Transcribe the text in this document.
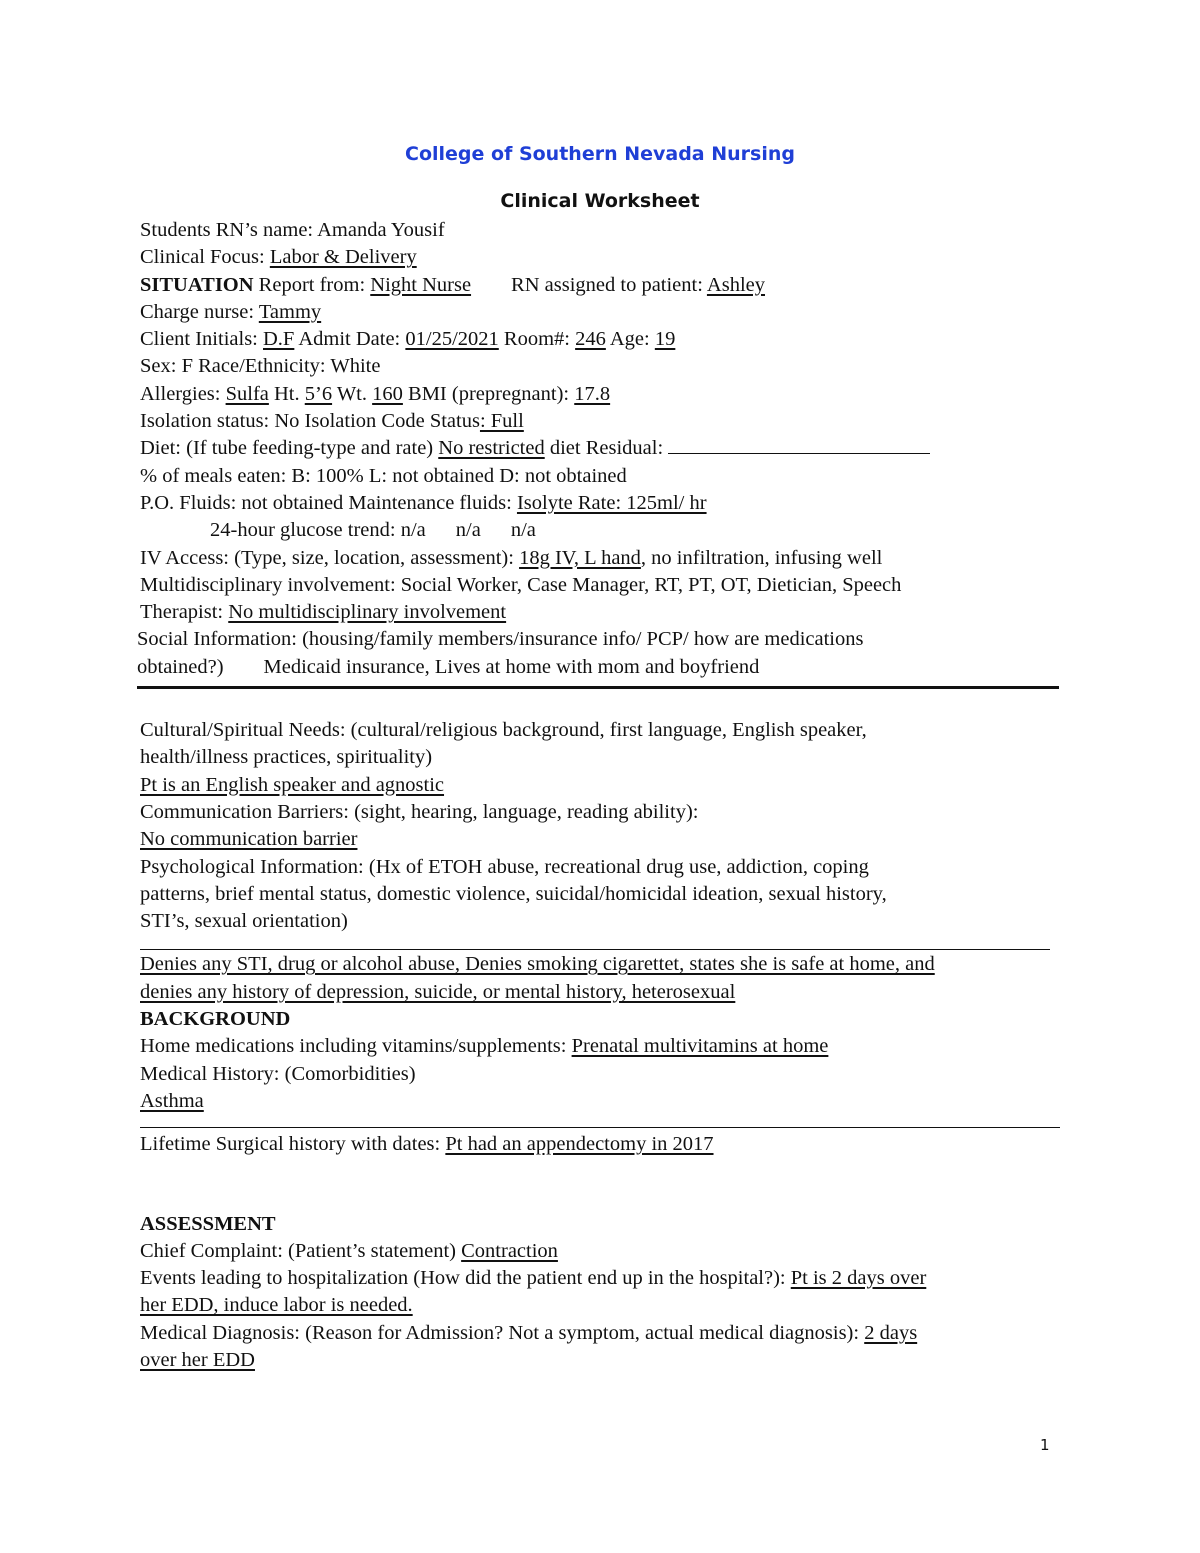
College of Southern Nevada Nursing
Clinical Worksheet
Students RN’s name: Amanda Yousif
Clinical Focus: Labor & Delivery
SITUATION Report from: Night Nurse RN assigned to patient: Ashley
Charge nurse: Tammy
Client Initials: D.F Admit Date: 01/25/2021 Room#: 246 Age: 19
Sex: F Race/Ethnicity: White
Allergies: Sulfa Ht. 5’6 Wt. 160 BMI (prepregnant): 17.8
Isolation status: No Isolation Code Status: Full
Diet: (If tube feeding-type and rate) No restricted diet Residual:
% of meals eaten: B: 100% L: not obtained D: not obtained
P.O. Fluids: not obtained Maintenance fluids: Isolyte Rate: 125ml/ hr
24-hour glucose trend: n/a n/a n/a
IV Access: (Type, size, location, assessment): 18g IV, L hand, no infiltration, infusing well
Multidisciplinary involvement: Social Worker, Case Manager, RT, PT, OT, Dietician, Speech
Therapist: No multidisciplinary involvement
Social Information: (housing/family members/insurance info/ PCP/ how are medications
obtained?) Medicaid insurance, Lives at home with mom and boyfriend
Cultural/Spiritual Needs: (cultural/religious background, first language, English speaker,
health/illness practices, spirituality)
Pt is an English speaker and agnostic
Communication Barriers: (sight, hearing, language, reading ability):
No communication barrier
Psychological Information: (Hx of ETOH abuse, recreational drug use, addiction, coping
patterns, brief mental status, domestic violence, suicidal/homicidal ideation, sexual history,
STI’s, sexual orientation)
Denies any STI, drug or alcohol abuse, Denies smoking cigarettet, states she is safe at home, and
denies any history of depression, suicide, or mental history, heterosexual
BACKGROUND
Home medications including vitamins/supplements: Prenatal multivitamins at home
Medical History: (Comorbidities)
Asthma
Lifetime Surgical history with dates: Pt had an appendectomy in 2017
ASSESSMENT
Chief Complaint: (Patient’s statement) Contraction
Events leading to hospitalization (How did the patient end up in the hospital?): Pt is 2 days over
her EDD, induce labor is needed.
Medical Diagnosis: (Reason for Admission? Not a symptom, actual medical diagnosis): 2 days
over her EDD
1
